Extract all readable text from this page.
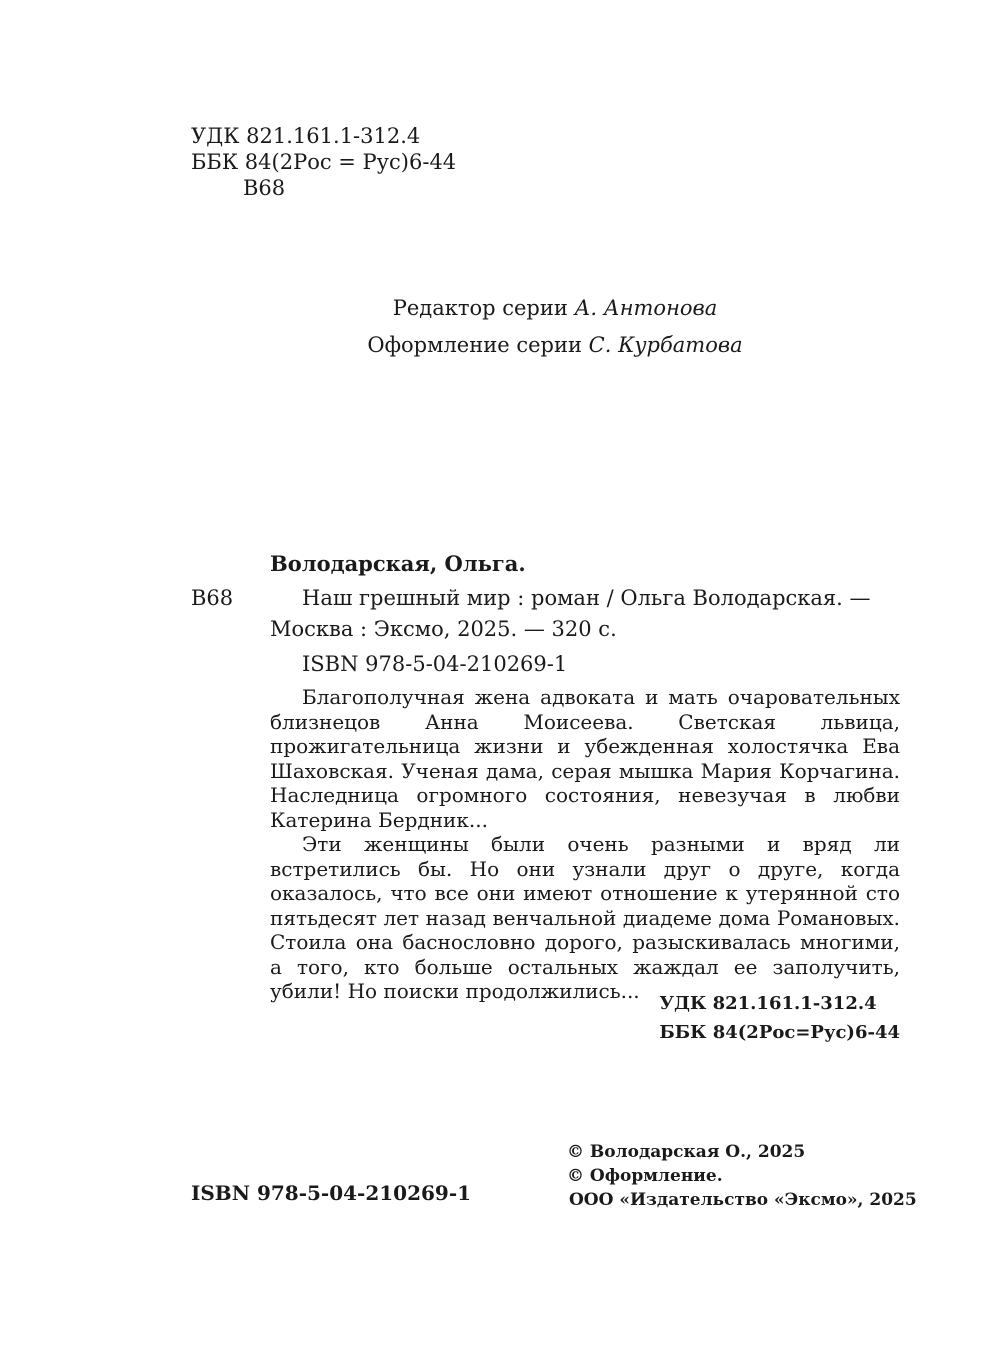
УДК 821.161.1-312.4
ББК 84(2Рос = Рус)6-44
В68
Редактор серии А. Антонова
Оформление серии С. Курбатова
Володарская, Ольга.
В68	Наш грешный мир : роман / Ольга Володарская. — Москва : Эксмо, 2025. — 320 с.
ISBN 978-5-04-210269-1

Благополучная жена адвоката и мать очаровательных близнецов Анна Моисеева. Светская львица, прожигательница жизни и убежденная холостячка Ева Шаховская. Ученая дама, серая мышка Мария Корчагина. Наследница огромного состояния, невезучая в любви Катерина Бердник...

Эти женщины были очень разными и вряд ли встретились бы. Но они узнали друг о друге, когда оказалось, что все они имеют отношение к утерянной сто пятьдесят лет назад венчальной диадеме дома Романовых. Стоила она баснословно дорого, разыскивалась многими, а того, кто больше остальных жаждал ее заполучить, убили! Но поиски продолжились...

УДК 821.161.1-312.4
ББК 84(2Рос=Рус)6-44
ISBN 978-5-04-210269-1
© Володарская О., 2025
© Оформление.
ООО «Издательство «Эксмо», 2025
